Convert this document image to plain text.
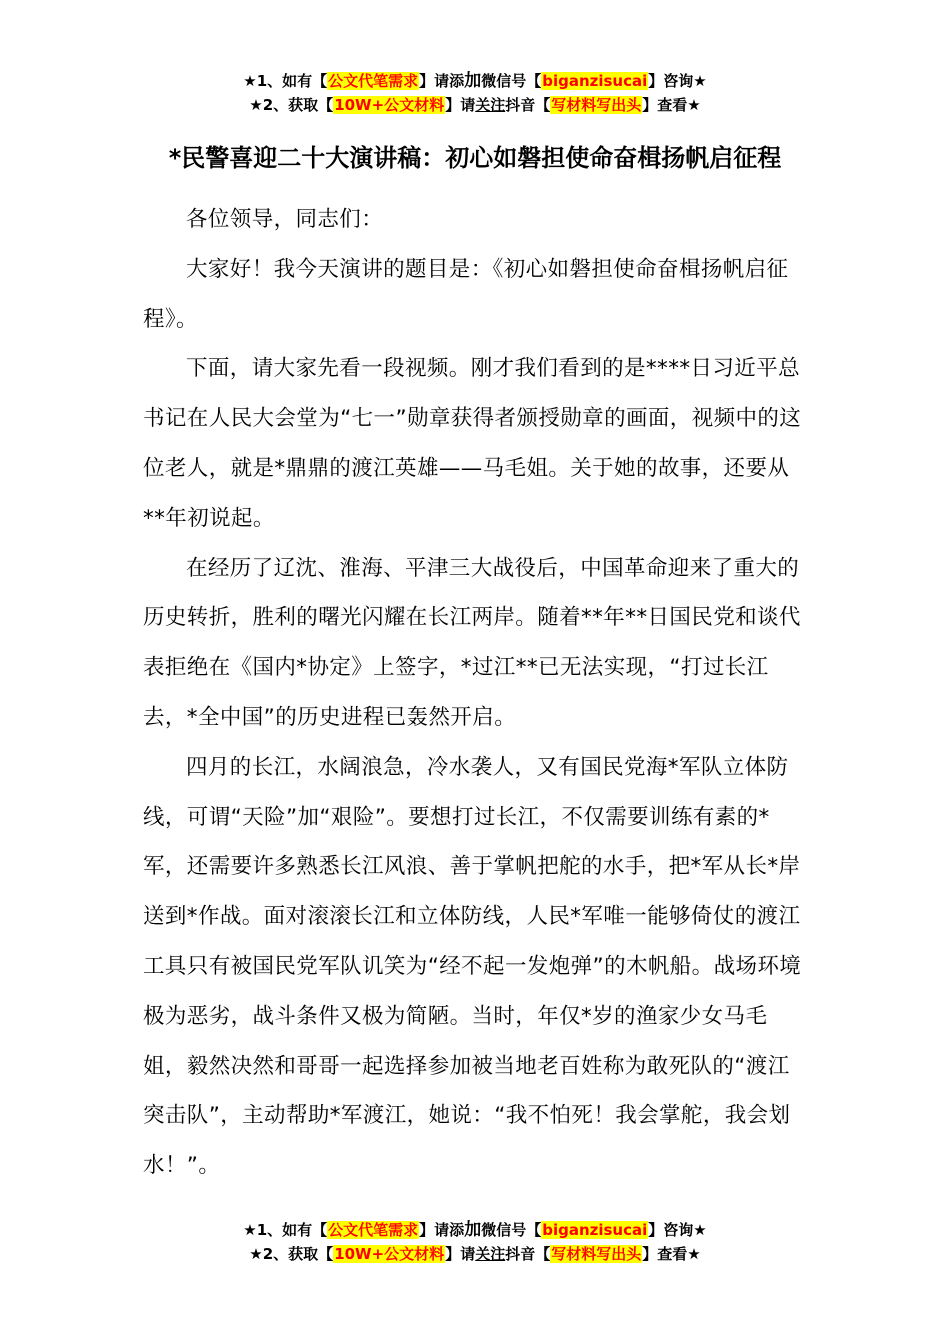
★1、如有【公文代笔需求】请添加微信号【biganzisucai】咨询★
★2、获取【10W+公文材料】请关注抖音【写材料写出头】查看★
*民警喜迎二十大演讲稿：初心如磐担使命奋楫扬帆启征程

各位领导，同志们：

大家好！我今天演讲的题目是：《初心如磐担使命奋楫扬帆启征程》。

下面，请大家先看一段视频。刚才我们看到的是****日习近平总书记在人民大会堂为“七一”勋章获得者颁授勋章的画面，视频中的这位老人，就是*鼎鼎的渡江英雄——马毛姐。关于她的故事，还要从**年初说起。

在经历了辽沈、淮海、平津三大战役后，中国革命迎来了重大的历史转折，胜利的曙光闪耀在长江两岸。随着**年**日国民党和谈代表拒绝在《国内*协定》上签字，*过江**已无法实现，“打过长江去，*全中国”的历史进程已轰然开启。

四月的长江，水阔浪急，冷水袭人，又有国民党海*军队立体防线，可谓“天险”加“艰险”。要想打过长江，不仅需要训练有素的*军，还需要许多熟悉长江风浪、善于掌帆把舵的水手，把*军从长*岸送到*作战。面对滚滚长江和立体防线，人民*军唯一能够倚仗的渡江工具只有被国民党军队讥笑为“经不起一发炮弹”的木帆船。战场环境极为恶劣，战斗条件又极为简陋。当时，年仅*岁的渔家少女马毛姐，毅然决然和哥哥一起选择参加被当地老百姓称为敢死队的“渡江突击队”，主动帮助*军渡江，她说：“我不怕死！我会掌舵，我会划水！”。

★1、如有【公文代笔需求】请添加微信号【biganzisucai】咨询★
★2、获取【10W+公文材料】请关注抖音【写材料写出头】查看★
